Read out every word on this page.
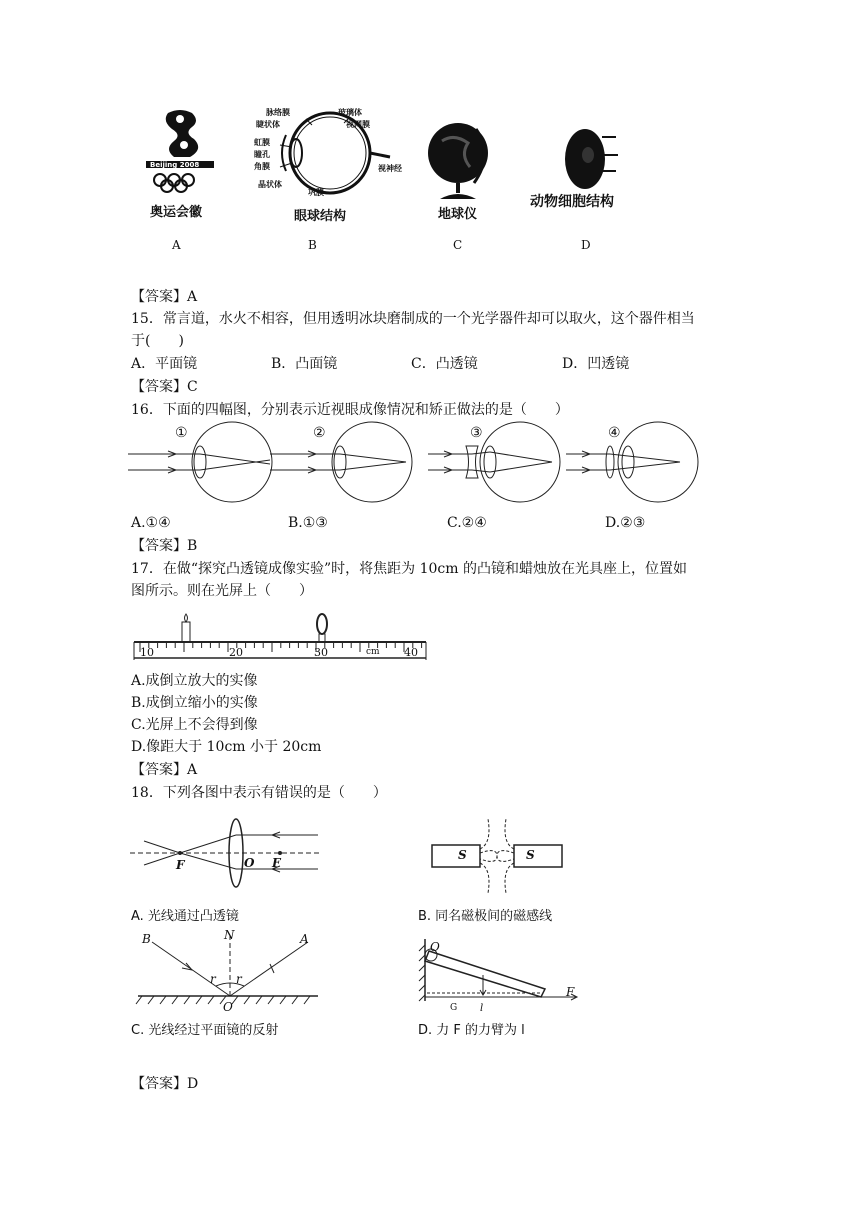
奥运会徽
Beijing 2008
脉络膜	玻璃体
睫状体
虹膜
瞳孔
角膜
晶状体
巩膜
视神经
视网膜
眼球结构	地球仪
动物细胞结构
A	B	C	D
【答案】A
15．常言道，水火不相容，但用透明冰块磨制成的一个光学器件却可以取火，这个器件相当
于(　　)
A．平面镜	B．凸面镜	C．凸透镜	D．凹透镜
【答案】C
16．下面的四幅图，分别表示近视眼成像情况和矫正做法的是（　　）
①	②	③	④
A.①④	B.①③	C.②④	D.②③
【答案】B
17．在做“探究凸透镜成像实验”时，将焦距为 10cm 的凸镜和蜡烛放在光具座上，位置如
图所示。则在光屏上（　　）
10	20	30	cm 40
A.成倒立放大的实像
B.成倒立缩小的实像
C.光屏上不会得到像
D.像距大于 10cm 小于 20cm
【答案】A
18．下列各图中表示有错误的是（　　）
F	O F
A. 光线通过凸透镜
S	S
B. 同名磁极间的磁感线
B	N	A
r r
O
C. 光线经过平面镜的反射
O
F
G l
D. 力 F 的力臂为 l
【答案】D
